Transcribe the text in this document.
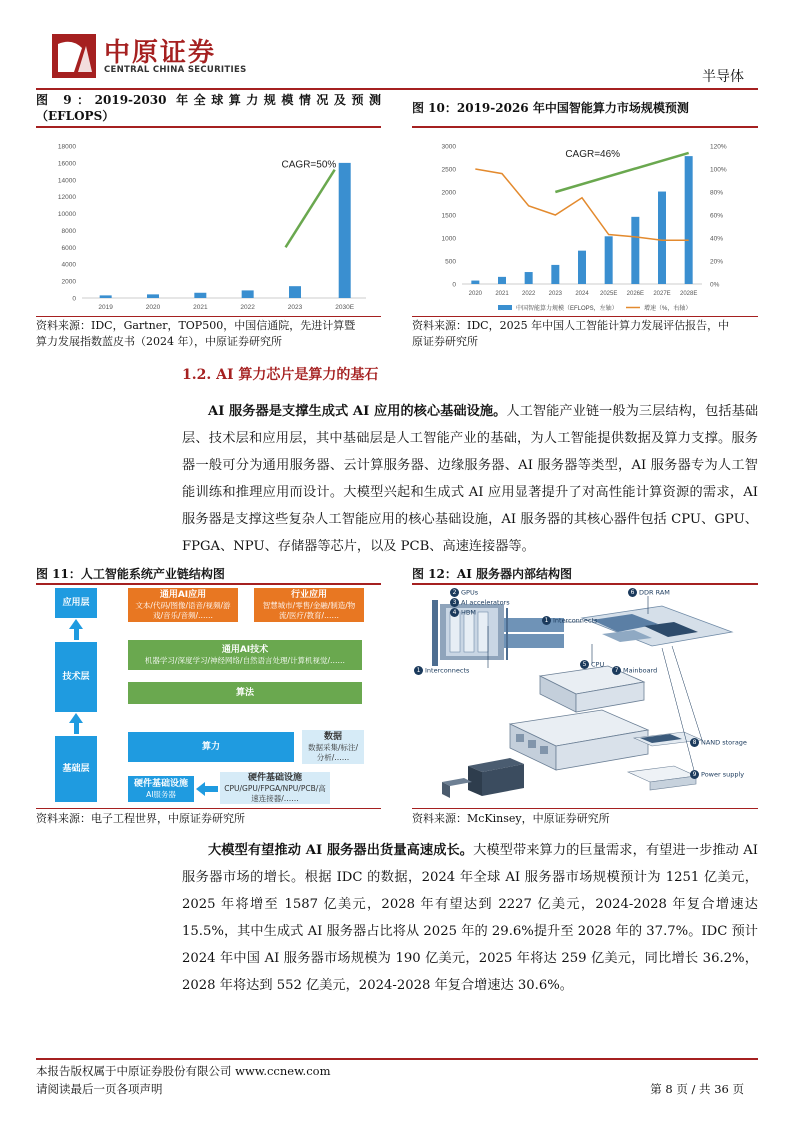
中原证券
CENTRAL CHINA SECURITIES	半导体
图 9：2019-2030 年全球算力规模情况及预测
（EFLOPS）
0
2000
4000
6000
8000
10000
12000
14000
16000
18000
2019	2020	2021	2022	2023	2030E
CAGR=50%
资料来源：IDC，Gartner，TOP500，中国信通院，先进计算暨
算力发展指数蓝皮书（2024 年），中原证券研究所
图 10：2019-2026 年中国智能算力市场规模预测
0
500
1000
1500
2000
2500
3000
0%
20%
40%
60%
80%
100%
120%
2020 2021 2022 2023 2024 2025E 2026E 2027E 2028E
CAGR=46%
中国智能算力规模（EFLOPS，左轴）	增速（%，右轴）
资料来源：IDC，2025 年中国人工智能计算力发展评估报告，中
原证券研究所
1.2. AI 算力芯片是算力的基石
AI 服务器是支撑生成式 AI 应用的核心基础设施。人工智能产业链一般为三层结构，包括基础层、技术层和应用层，其中基础层是人工智能产业的基础，为人工智能提供数据及算力支撑。服务器一般可分为通用服务器、云计算服务器、边缘服务器、AI 服务器等类型，AI 服务器专为人工智能训练和推理应用而设计。大模型兴起和生成式 AI 应用显著提升了对高性能计算资源的需求，AI 服务器是支撑这些复杂人工智能应用的核心基础设施，AI 服务器的其核心器件包括 CPU、GPU、FPGA、NPU、存储器等芯片，以及 PCB、高速连接器等。
图 11：人工智能系统产业链结构图
应用层
技术层
基础层
通用AI应用
文本/代码/图像/语音/视频/游戏/音乐/音频/……
行业应用
智慧城市/零售/金融/制造/物流/医疗/教育/……
通用AI技术
机器学习/深度学习/神经网络/自然语言处理/计算机视觉/……
算法
算力
数据
数据采集/标注/分析/……
硬件基础设施
AI服务器
硬件基础设施
CPU/GPU/FPGA/NPU/PCB/高速连接器/……
资料来源：电子工程世界，中原证券研究所
图 12：AI 服务器内部结构图
2 GPUs
3 AI accelerators
4 HBM
1 Interconnects
6 DDR RAM
1 Interconnects
5 CPU
7 Mainboard
8 NAND storage
9 Power supply
资料来源：McKinsey，中原证券研究所
大模型有望推动 AI 服务器出货量高速成长。大模型带来算力的巨量需求，有望进一步推动 AI 服务器市场的增长。根据 IDC 的数据，2024 年全球 AI 服务器市场规模预计为 1251 亿美元，2025 年将增至 1587 亿美元，2028 年有望达到 2227 亿美元，2024-2028 年复合增速达 15.5%，其中生成式 AI 服务器占比将从 2025 年的 29.6%提升至 2028 年的 37.7%。IDC 预计 2024 年中国 AI 服务器市场规模为 190 亿美元，2025 年将达 259 亿美元，同比增长 36.2%，2028 年将达到 552 亿美元，2024-2028 年复合增速达 30.6%。
本报告版权属于中原证券股份有限公司 www.ccnew.com
请阅读最后一页各项声明	第 8 页 / 共 36 页
